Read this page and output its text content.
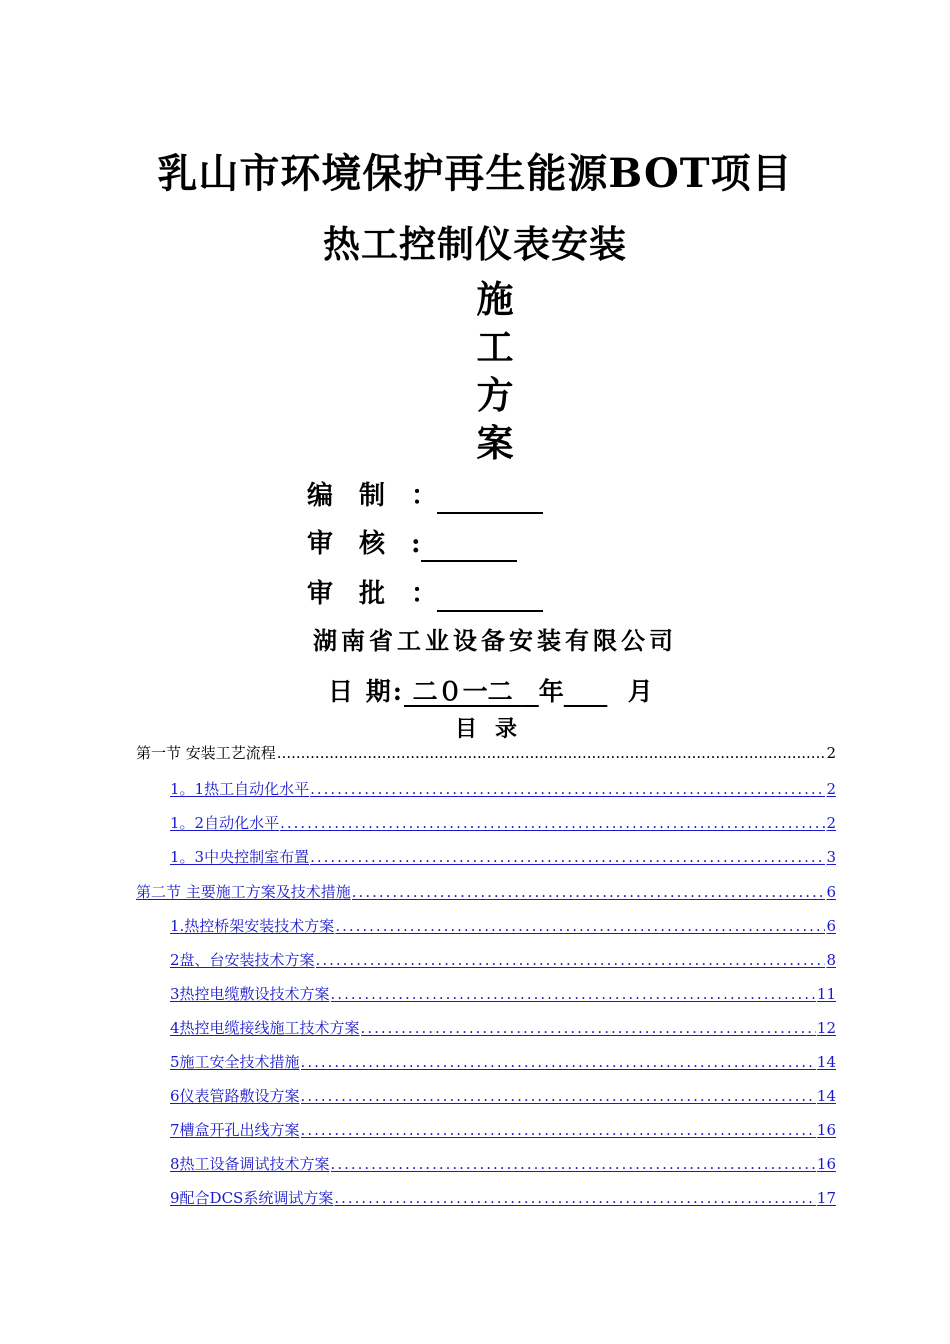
乳山市环境保护再生能源BOT项目
热工控制仪表安装
施
工
方
案
编制：
审核:
审批：
湖南省工业设备安装有限公司
日 期: 二０一二   年	月
目录
第一节 安装工艺流程 .....	2
1。1热工自动化水平 .....	2
1。2自动化水平 .....	2
1。3中央控制室布置 .....	3
第二节 主要施工方案及技术措施 .....	6
1.热控桥架安装技术方案 .....	6
2盘、台安装技术方案 .....	8
3热控电缆敷设技术方案 .....	11
4热控电缆接线施工技术方案 .....	12
5施工安全技术措施 .....	14
6仪表管路敷设方案 .....	14
7槽盒开孔出线方案 .....	16
8热工设备调试技术方案 .....	16
9配合DCS系统调试方案 .....	17
